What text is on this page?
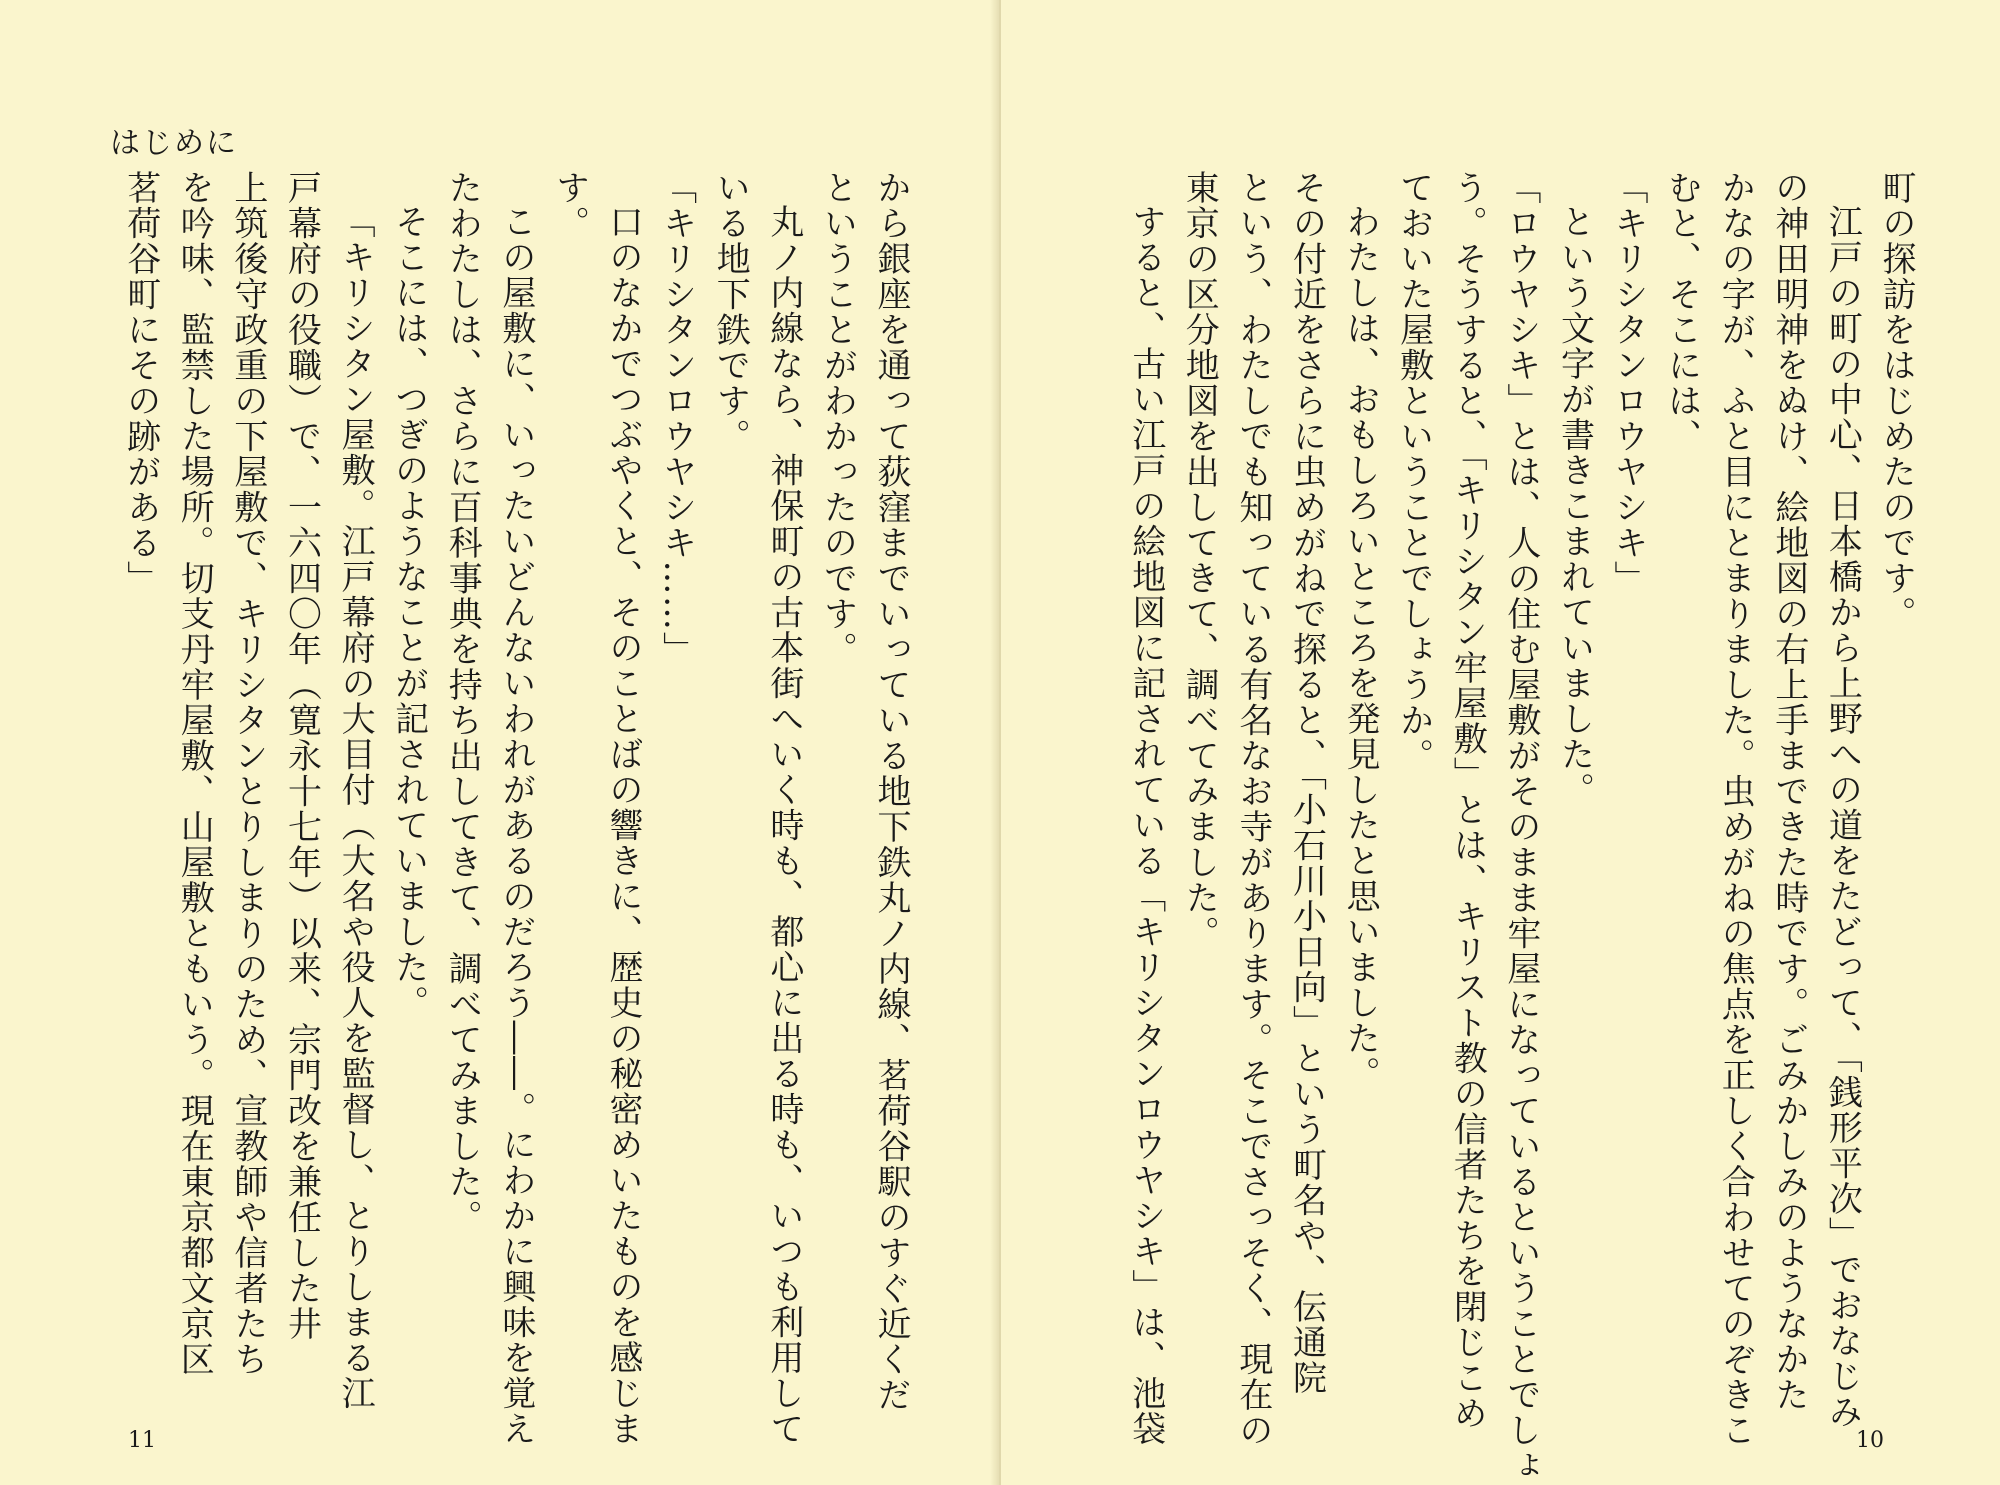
はじめに
から銀座を通って荻窪までいっている地下鉄丸ノ内線、茗荷谷駅のすぐ近くだ
ということがわかったのです。
丸ノ内線なら、神保町の古本街へいく時も、都心に出る時も、いつも利用して
いる地下鉄です。
「キリシタンロウヤシキ……」
口のなかでつぶやくと、そのことばの響きに、歴史の秘密めいたものを感じま
す。
この屋敷に、いったいどんないわれがあるのだろう――。にわかに興味を覚え
たわたしは、さらに百科事典を持ち出してきて、調べてみました。
そこには、つぎのようなことが記されていました。
「キリシタン屋敷。江戸幕府の大目付（大名や役人を監督し、とりしまる江
戸幕府の役職）で、一六四〇年（寛永十七年）以来、宗門改を兼任した井
上筑後守政重の下屋敷で、キリシタンとりしまりのため、宣教師や信者たち
を吟味、監禁した場所。切支丹牢屋敷、山屋敷ともいう。現在東京都文京区
茗荷谷町にその跡がある」
11
町の探訪をはじめたのです。
江戸の町の中心、日本橋から上野への道をたどって、「銭形平次」でおなじみ
の神田明神をぬけ、絵地図の右上手まできた時です。ごみかしみのようなかた
かなの字が、ふと目にとまりました。虫めがねの焦点を正しく合わせてのぞきこ
むと、そこには、
「キリシタンロウヤシキ」
という文字が書きこまれていました。
「ロウヤシキ」とは、人の住む屋敷がそのまま牢屋になっているということでしょ
う。そうすると、「キリシタン牢屋敷」とは、キリスト教の信者たちを閉じこめ
ておいた屋敷ということでしょうか。
わたしは、おもしろいところを発見したと思いました。
その付近をさらに虫めがねで探ると、「小石川小日向」という町名や、伝通院
という、わたしでも知っている有名なお寺があります。そこでさっそく、現在の
東京の区分地図を出してきて、調べてみました。
すると、古い江戸の絵地図に記されている「キリシタンロウヤシキ」は、池袋	10
